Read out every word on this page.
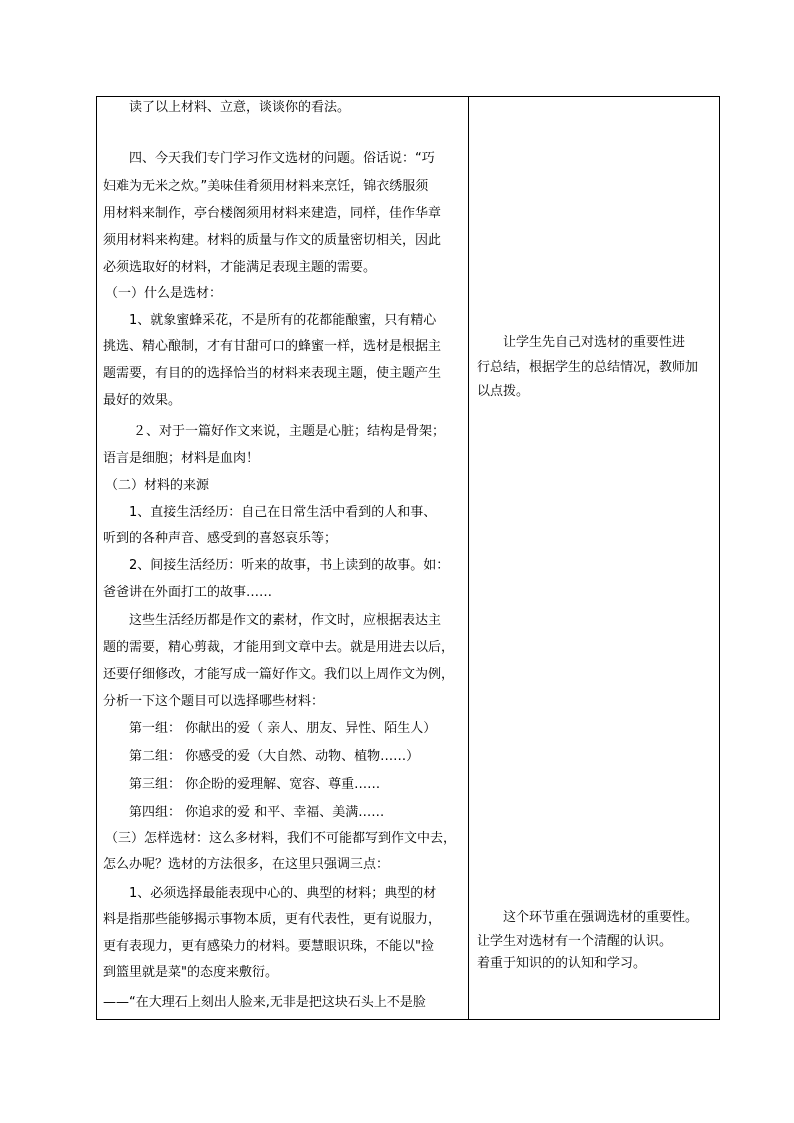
读了以上材料、立意，谈谈你的看法。
四、今天我们专门学习作文选材的问题。俗话说：“巧
妇难为无米之炊。”美味佳肴须用材料来烹饪，锦衣绣服须
用材料来制作，亭台楼阁须用材料来建造，同样，佳作华章
须用材料来构建。材料的质量与作文的质量密切相关，因此
必须选取好的材料，才能满足表现主题的需要。
（一）什么是选材：
1、就象蜜蜂采花，不是所有的花都能酿蜜，只有精心
挑选、精心酿制，才有甘甜可口的蜂蜜一样，选材是根据主
题需要，有目的的选择恰当的材料来表现主题，使主题产生
最好的效果。
２、对于一篇好作文来说，主题是心脏；结构是骨架；
语言是细胞；材料是血肉！
（二）材料的来源
1、直接生活经历：自己在日常生活中看到的人和事、
听到的各种声音、感受到的喜怒哀乐等；
2、间接生活经历：听来的故事，书上读到的故事。如：
爸爸讲在外面打工的故事……
这些生活经历都是作文的素材，作文时，应根据表达主
题的需要，精心剪裁，才能用到文章中去。就是用进去以后，
还要仔细修改，才能写成一篇好作文。我们以上周作文为例，
分析一下这个题目可以选择哪些材料：
第一组： 你献出的爱（ 亲人、朋友、异性、陌生人）
第二组： 你感受的爱（大自然、动物、植物……）
第三组： 你企盼的爱理解、宽容、尊重……
第四组： 你追求的爱 和平、幸福、美满……
（三）怎样选材：这么多材料，我们不可能都写到作文中去，
怎么办呢？选材的方法很多，在这里只强调三点：
1、必须选择最能表现中心的、典型的材料；典型的材
料是指那些能够揭示事物本质，更有代表性，更有说服力，
更有表现力，更有感染力的材料。要慧眼识珠，不能以"捡
到篮里就是菜"的态度来敷衍。
——“在大理石上刻出人脸来,无非是把这块石头上不是脸
让学生先自己对选材的重要性进
行总结，根据学生的总结情况，教师加
以点拨。
这个环节重在强调选材的重要性。
让学生对选材有一个清醒的认识。
着重于知识的的认知和学习。
